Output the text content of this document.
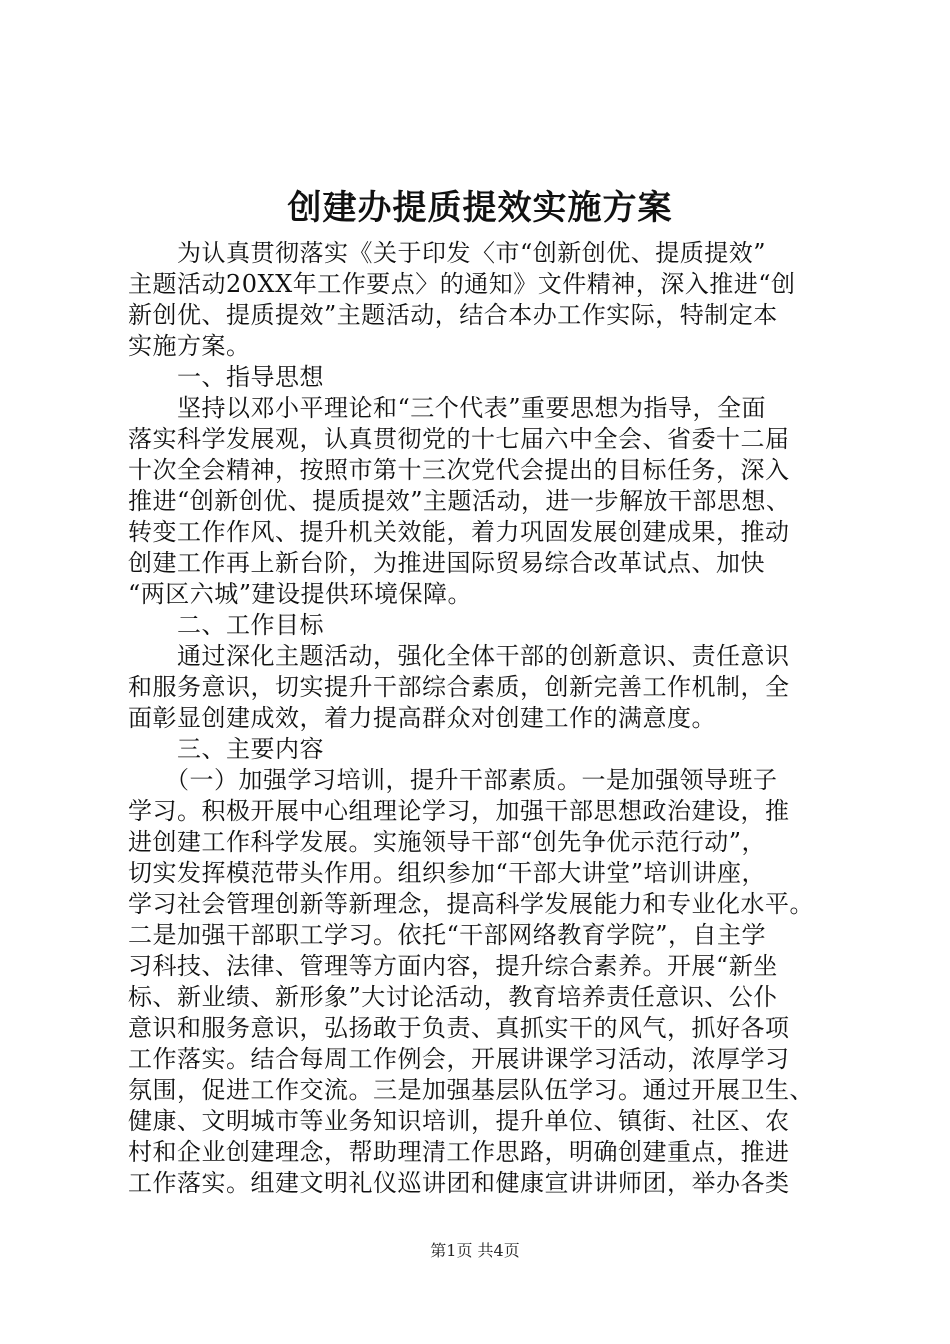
创建办提质提效实施方案
　　为认真贯彻落实《关于印发〈市“创新创优、提质提效”
主题活动20XX年工作要点〉的通知》文件精神，深入推进“创
新创优、提质提效”主题活动，结合本办工作实际，特制定本
实施方案。
　　一、指导思想
　　坚持以邓小平理论和“三个代表”重要思想为指导，全面
落实科学发展观，认真贯彻党的十七届六中全会、省委十二届
十次全会精神，按照市第十三次党代会提出的目标任务，深入
推进“创新创优、提质提效”主题活动，进一步解放干部思想、
转变工作作风、提升机关效能，着力巩固发展创建成果，推动
创建工作再上新台阶，为推进国际贸易综合改革试点、加快
“两区六城”建设提供环境保障。
　　二、工作目标
　　通过深化主题活动，强化全体干部的创新意识、责任意识
和服务意识，切实提升干部综合素质，创新完善工作机制，全
面彰显创建成效，着力提高群众对创建工作的满意度。
　　三、主要内容
　　（一）加强学习培训，提升干部素质。一是加强领导班子
学习。积极开展中心组理论学习，加强干部思想政治建设，推
进创建工作科学发展。实施领导干部“创先争优示范行动”，
切实发挥模范带头作用。组织参加“干部大讲堂”培训讲座，
学习社会管理创新等新理念，提高科学发展能力和专业化水平。
二是加强干部职工学习。依托“干部网络教育学院”，自主学
习科技、法律、管理等方面内容，提升综合素养。开展“新坐
标、新业绩、新形象”大讨论活动，教育培养责任意识、公仆
意识和服务意识，弘扬敢于负责、真抓实干的风气，抓好各项
工作落实。结合每周工作例会，开展讲课学习活动，浓厚学习
氛围，促进工作交流。三是加强基层队伍学习。通过开展卫生、
健康、文明城市等业务知识培训，提升单位、镇街、社区、农
村和企业创建理念，帮助理清工作思路，明确创建重点，推进
工作落实。组建文明礼仪巡讲团和健康宣讲讲师团，举办各类
第1页 共4页
